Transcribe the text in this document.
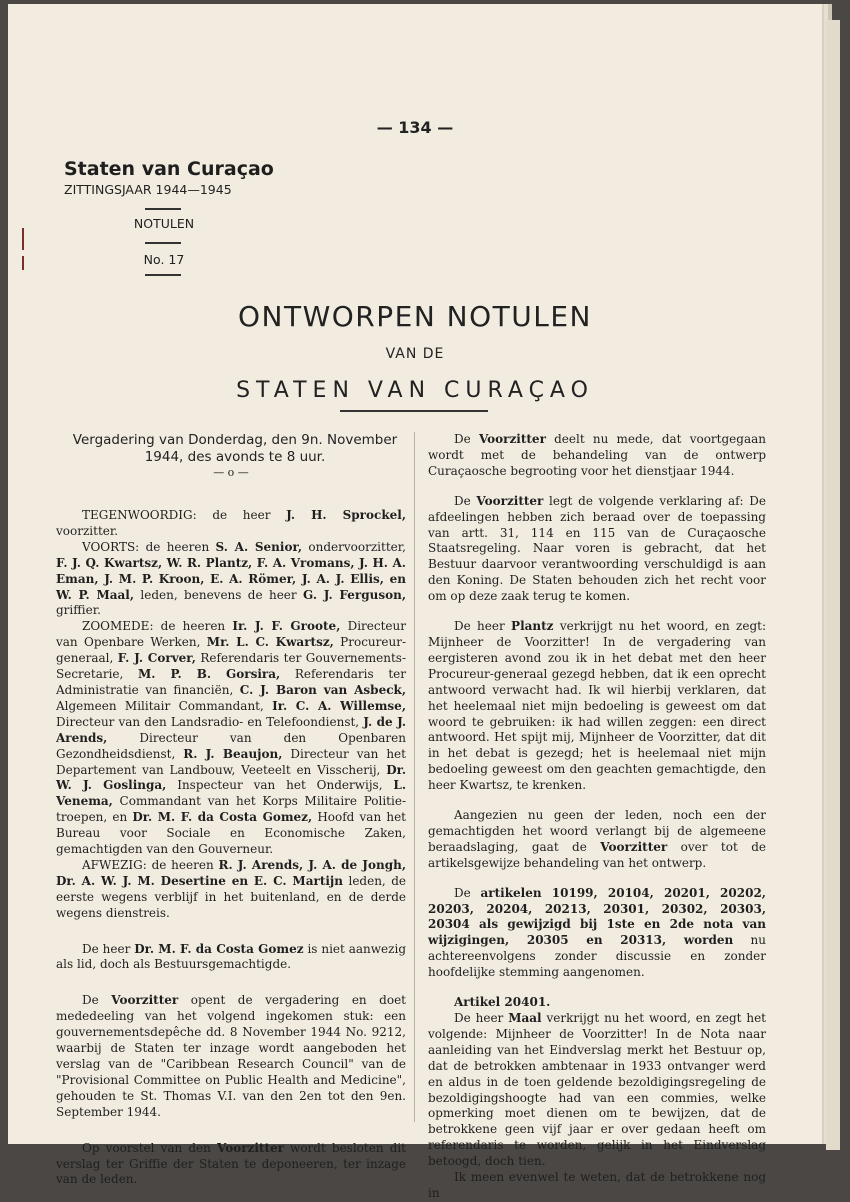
— 134 —
Staten van Curaçao
ZITTINGSJAAR 1944—1945
NOTULEN
No. 17
ONTWORPEN NOTULEN
VAN DE
STATEN VAN CURAÇAO

Vergadering van Donderdag, den 9n. November 1944, des avonds te 8 uur.

— o —

TEGENWOORDIG: de heer J. H. Sprockel, voorzitter.

VOORTS: de heeren S. A. Senior, ondervoorzitter, F. J. Q. Kwartsz, W. R. Plantz, F. A. Vromans, J. H. A. Eman, J. M. P. Kroon, E. A. Römer, J. A. J. Ellis, en W. P. Maal, leden, benevens de heer G. J. Ferguson, griffier.

ZOOMEDE: de heeren Ir. J. F. Groote, Directeur van Openbare Werken, Mr. L. C. Kwartsz, Procureur-generaal, F. J. Corver, Referendaris ter Gouvernements-Secretarie, M. P. B. Gorsira, Referendaris ter Administratie van financiën, C. J. Baron van Asbeck, Algemeen Militair Commandant, Ir. C. A. Willemse, Directeur van den Landsradio- en Telefoondienst, J. de J. Arends, Directeur van den Openbaren Gezondheidsdienst, R. J. Beaujon, Directeur van het Departement van Landbouw, Veeteelt en Visscherij, Dr. W. J. Goslinga, Inspecteur van het Onderwijs, L. Venema, Commandant van het Korps Militaire Politie-troepen, en Dr. M. F. da Costa Gomez, Hoofd van het Bureau voor Sociale en Economische Zaken, gemachtigden van den Gouverneur.

AFWEZIG: de heeren R. J. Arends, J. A. de Jongh, Dr. A. W. J. M. Desertine en E. C. Martijn leden, de eerste wegens verblijf in het buitenland, en de derde wegens dienstreis.

De heer Dr. M. F. da Costa Gomez is niet aanwezig als lid, doch als Bestuursgemachtigde.

De Voorzitter opent de vergadering en doet mededeeling van het volgend ingekomen stuk: een gouvernementsdepêche dd. 8 November 1944 No. 9212, waarbij de Staten ter inzage wordt aangeboden het verslag van de "Caribbean Research Council" van de "Provisional Committee on Public Health and Medicine", gehouden te St. Thomas V.I. van den 2en tot den 9en. September 1944.

Op voorstel van den Voorzitter wordt besloten dit verslag ter Griffie der Staten te deponeeren, ter inzage van de leden.

De Voorzitter deelt nu mede, dat voortgegaan wordt met de behandeling van de ontwerp Curaçaosche begrooting voor het dienstjaar 1944.

De Voorzitter legt de volgende verklaring af: De afdeelingen hebben zich beraad over de toepassing van artt. 31, 114 en 115 van de Curaçaosche Staatsregeling. Naar voren is gebracht, dat het Bestuur daarvoor verantwoording verschuldigd is aan den Koning. De Staten behouden zich het recht voor om op deze zaak terug te komen.

De heer Plantz verkrijgt nu het woord, en zegt: Mijnheer de Voorzitter! In de vergadering van eergisteren avond zou ik in het debat met den heer Procureur-generaal gezegd hebben, dat ik een oprecht antwoord verwacht had. Ik wil hierbij verklaren, dat het heelemaal niet mijn bedoeling is geweest om dat woord te gebruiken: ik had willen zeggen: een direct antwoord. Het spijt mij, Mijnheer de Voorzitter, dat dit in het debat is gezegd; het is heelemaal niet mijn bedoeling geweest om den geachten gemachtigde, den heer Kwartsz, te krenken.

Aangezien nu geen der leden, noch een der gemachtigden het woord verlangt bij de algemeene beraadslaging, gaat de Voorzitter over tot de artikelsgewijze behandeling van het ontwerp.

De artikelen 10199, 20104, 20201, 20202, 20203, 20204, 20213, 20301, 20302, 20303, 20304 als gewijzigd bij 1ste en 2de nota van wijzigingen, 20305 en 20313, worden nu achtereenvolgens zonder discussie en zonder hoofdelijke stemming aangenomen.

Artikel 20401.

De heer Maal verkrijgt nu het woord, en zegt het volgende: Mijnheer de Voorzitter! In de Nota naar aanleiding van het Eindverslag merkt het Bestuur op, dat de betrokken ambtenaar in 1933 ontvanger werd en aldus in de toen geldende bezoldigingsregeling de bezoldigingshoogte had van een commies, welke opmerking moet dienen om te bewijzen, dat de betrokkene geen vijf jaar er over gedaan heeft om referendaris te worden, gelijk in het Eindverslag betoogd, doch tien.

Ik meen evenwel te weten, dat de betrokkene nog in
